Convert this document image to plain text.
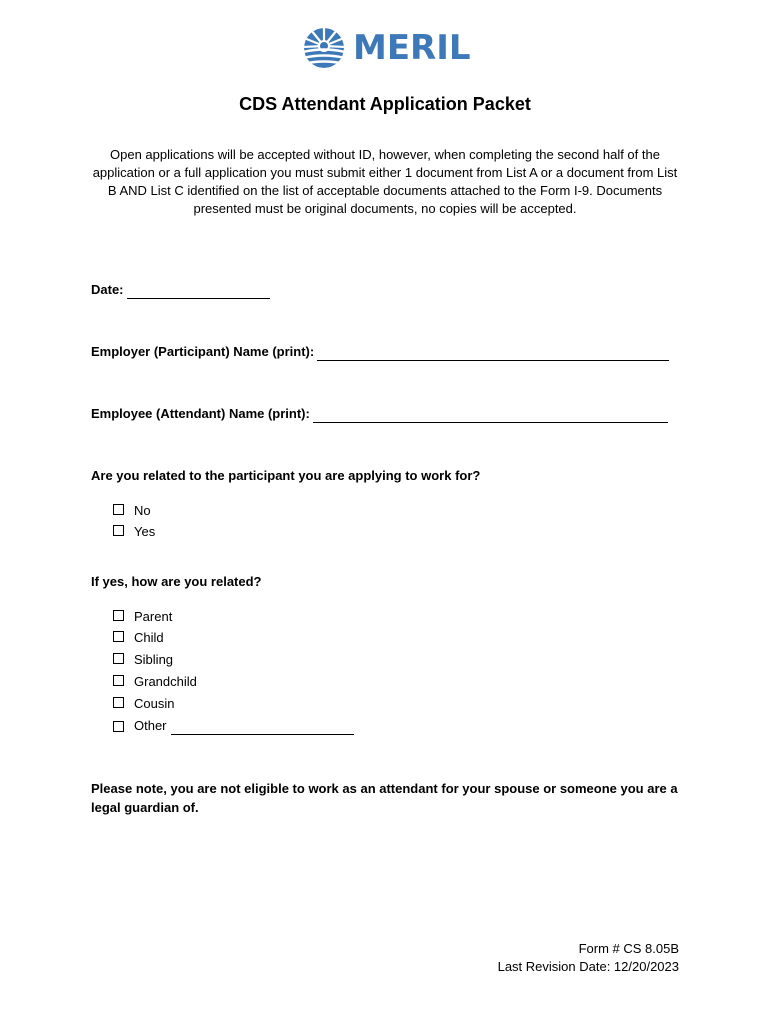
MERIL
CDS Attendant Application Packet
Open applications will be accepted without ID, however, when completing the second half of the application or a full application you must submit either 1 document from List A or a document from List B AND List C identified on the list of acceptable documents attached to the Form I-9. Documents presented must be original documents, no copies will be accepted.
Date:
Employer (Participant) Name (print):
Employee (Attendant) Name (print):
Are you related to the participant you are applying to work for?
No
Yes
If yes, how are you related?
Parent
Child
Sibling
Grandchild
Cousin
Other
Please note, you are not eligible to work as an attendant for your spouse or someone you are a legal guardian of.
Form # CS 8.05B
Last Revision Date: 12/20/2023
